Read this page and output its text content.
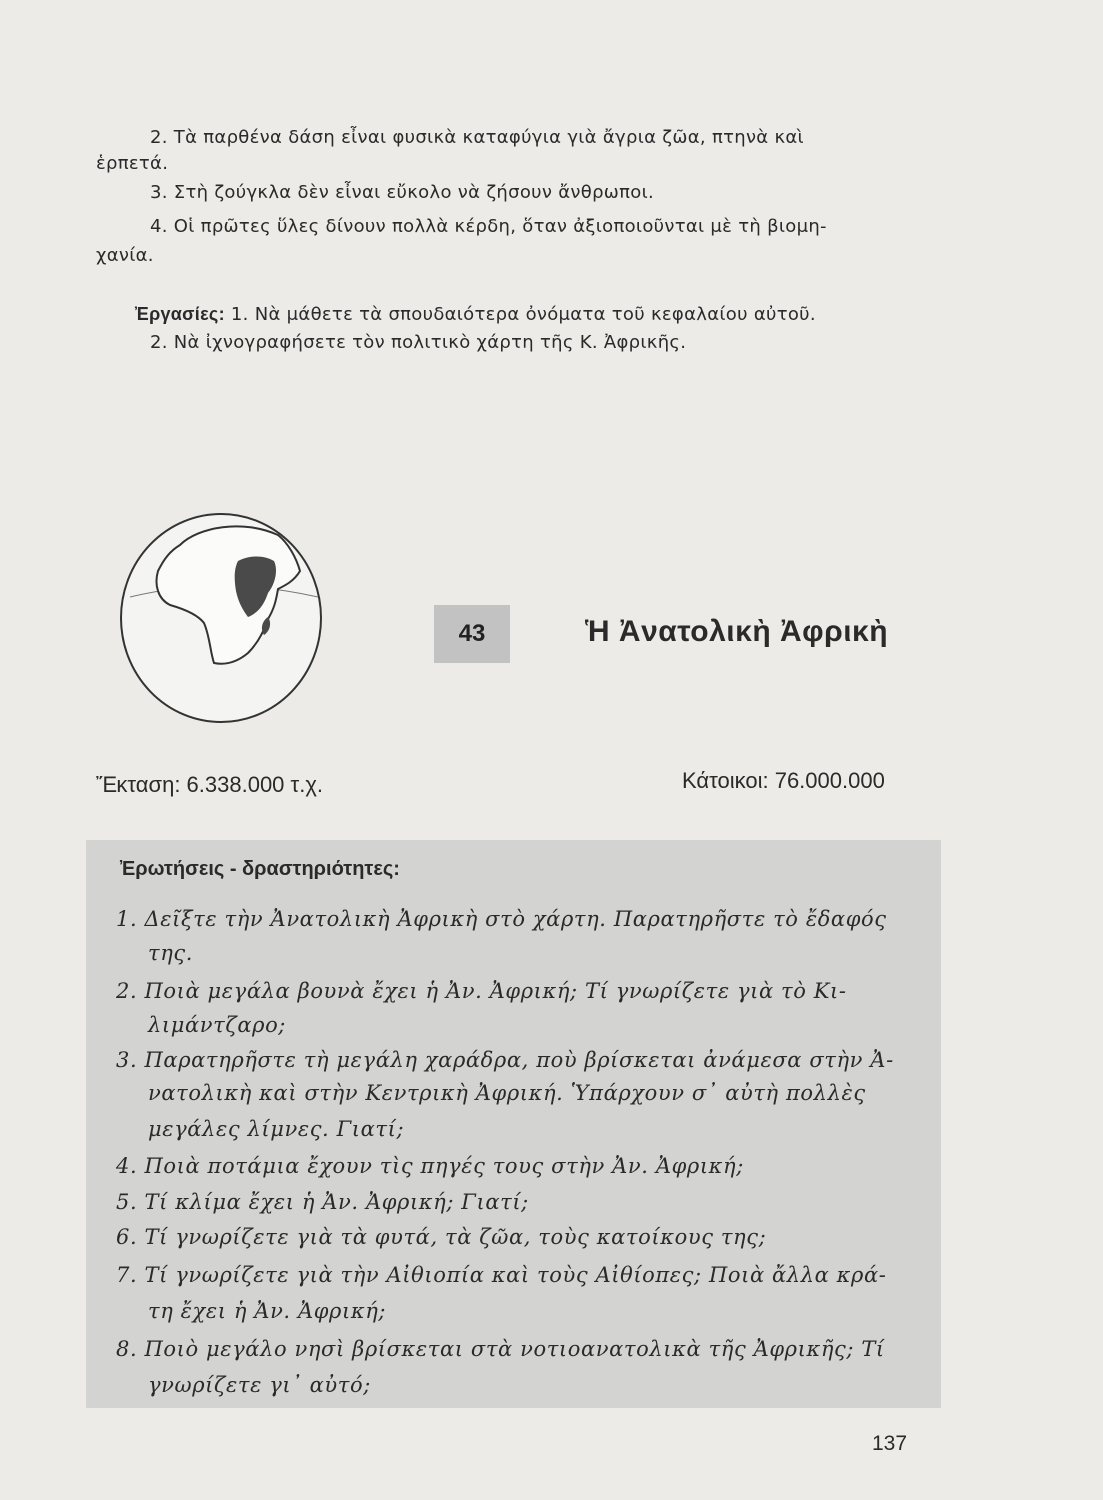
2. Τὰ παρθένα δάση εἶναι φυσικὰ καταφύγια γιὰ ἄγρια ζῶα, πτηνὰ καὶ
ἑρπετά.
3. Στὴ ζούγκλα δὲν εἶναι εὔκολο νὰ ζήσουν ἄνθρωποι.
4. Οἱ πρῶτες ὕλες δίνουν πολλὰ κέρδη, ὅταν ἀξιοποιοῦνται μὲ τὴ βιομη-
χανία.
Ἐργασίες: 1. Νὰ μάθετε τὰ σπουδαιότερα ὀνόματα τοῦ κεφαλαίου αὐτοῦ.
2. Νὰ ἰχνογραφήσετε τὸν πολιτικὸ χάρτη τῆς Κ. Ἀφρικῆς.
43	Ἡ Ἀνατολικὴ Ἀφρικὴ
Ἔκταση: 6.338.000 τ.χ.	Κάτοικοι: 76.000.000
Ἐρωτήσεις - δραστηριότητες:
1. Δεῖξτε τὴν Ἀνατολικὴ Ἀφρικὴ στὸ χάρτη. Παρατηρῆστε τὸ ἔδαφός
της.
2. Ποιὰ μεγάλα βουνὰ ἔχει ἡ Ἀν. Ἀφρική; Τί γνωρίζετε γιὰ τὸ Κι-
λιμάντζαρο;
3. Παρατηρῆστε τὴ μεγάλη χαράδρα, ποὺ βρίσκεται ἀνάμεσα στὴν Ἀ-
νατολικὴ καὶ στὴν Κεντρικὴ Ἀφρική. Ὑπάρχουν σ᾽ αὐτὴ πολλὲς
μεγάλες λίμνες. Γιατί;
4. Ποιὰ ποτάμια ἔχουν τὶς πηγές τους στὴν Ἀν. Ἀφρική;
5. Τί κλίμα ἔχει ἡ Ἀν. Ἀφρική; Γιατί;
6. Τί γνωρίζετε γιὰ τὰ φυτά, τὰ ζῶα, τοὺς κατοίκους της;
7. Τί γνωρίζετε γιὰ τὴν Αἰθιοπία καὶ τοὺς Αἰθίοπες; Ποιὰ ἄλλα κρά-
τη ἔχει ἡ Ἀν. Ἀφρική;
8. Ποιὸ μεγάλο νησὶ βρίσκεται στὰ νοτιοανατολικὰ τῆς Ἀφρικῆς; Τί
γνωρίζετε γι᾽ αὐτό;
137
